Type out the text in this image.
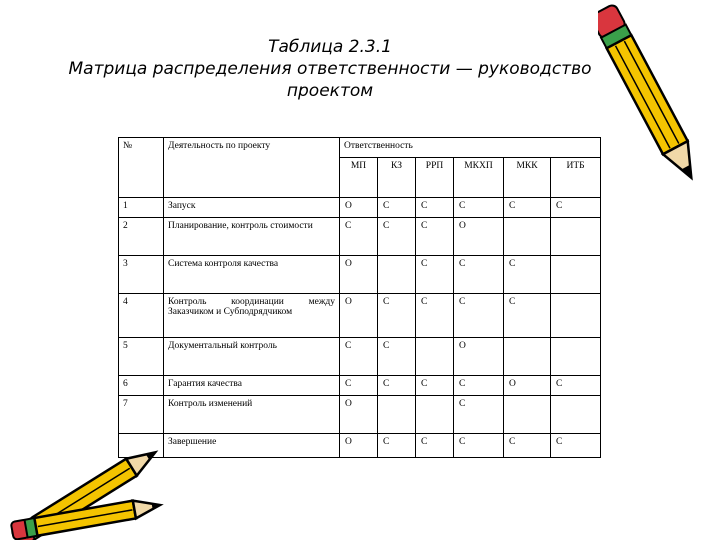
Таблица 2.3.1
Матрица распределения ответственности — руководство
проектом
№	Деятельность по проекту	Ответственность					
		МП	КЗ	РРП	МКХП	МКК	ИТБ
1	Запуск	О	С	С	С	С	С
2	Планирование, контроль стоимости	С	С	С	О		
3	Система контроля качества	О		С	С	С	
4	Контроль координации между
Заказчиком и Субподрядчиком	О	С	С	С	С	
5	Документальный контроль	С	С		О		
6	Гарантия качества	С	С	С	С	О	С
7	Контроль изменений	О			С		
	Завершение	О	С	С	С	С	С
